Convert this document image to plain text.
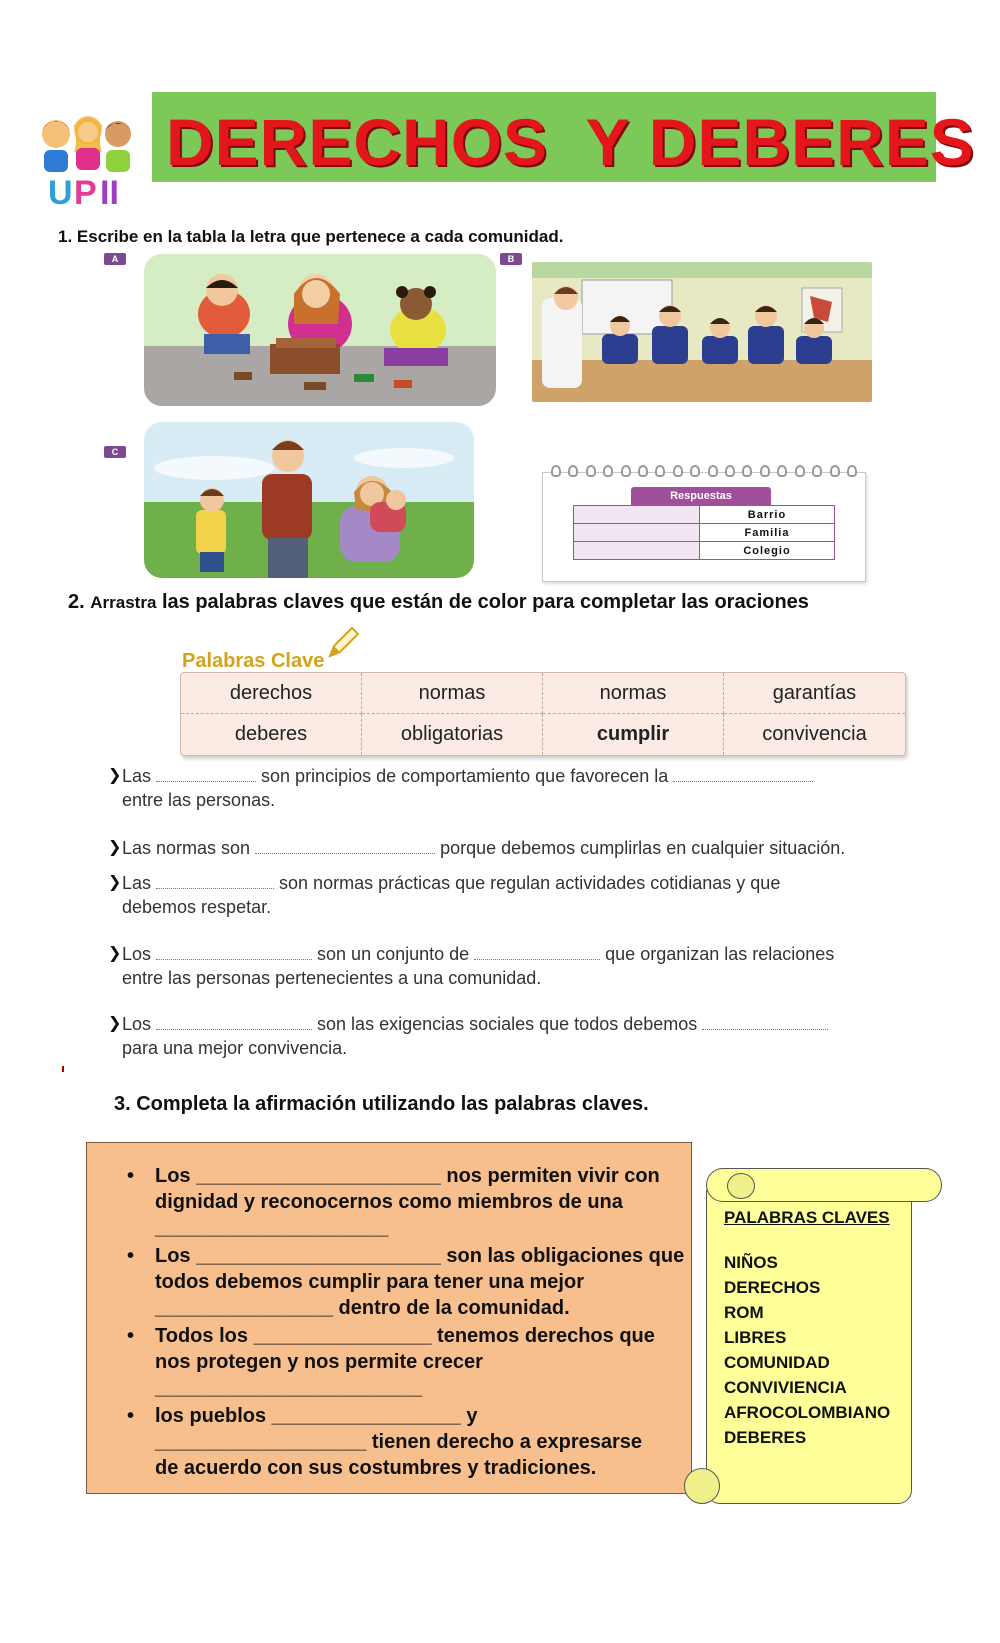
U P II
DERECHOS  Y DEBERES
1. Escribe en la tabla la letra que pertenece a cada comunidad.
A	B
C
Respuestas
	Barrio
	Familia
	Colegio
2. Arrastra las palabras claves que están de color para completar las oraciones
Palabras Clave
derechos	normas	normas	garantías
deberes	obligatorias	cumplir	convivencia
❯ Las	son principios de comportamiento que favorecen la
entre las personas.
❯ Las normas son	porque debemos cumplirlas en cualquier situación.
❯ Las	son normas prácticas que regulan actividades cotidianas y que
debemos respetar.
❯ Los	son un conjunto de	que organizan las relaciones
entre las personas pertenecientes a una comunidad.
❯ Los	son las exigencias sociales que todos debemos
para una mejor convivencia.
3. Completa la afirmación utilizando las palabras claves.
• Los ______________________ nos permiten vivir con
dignidad y reconocernos como miembros de una
_____________________
• Los ______________________ son las obligaciones que
todos debemos cumplir para tener una mejor
________________ dentro de la comunidad.
• Todos los ________________ tenemos derechos que
nos protegen y nos permite crecer
________________________
• los pueblos _________________ y
___________________ tienen derecho a expresarse
de acuerdo con sus costumbres y tradiciones.
PALABRAS CLAVES
NIÑOS
DERECHOS
ROM
LIBRES
COMUNIDAD
CONVIVIENCIA
AFROCOLOMBIANO
DEBERES
